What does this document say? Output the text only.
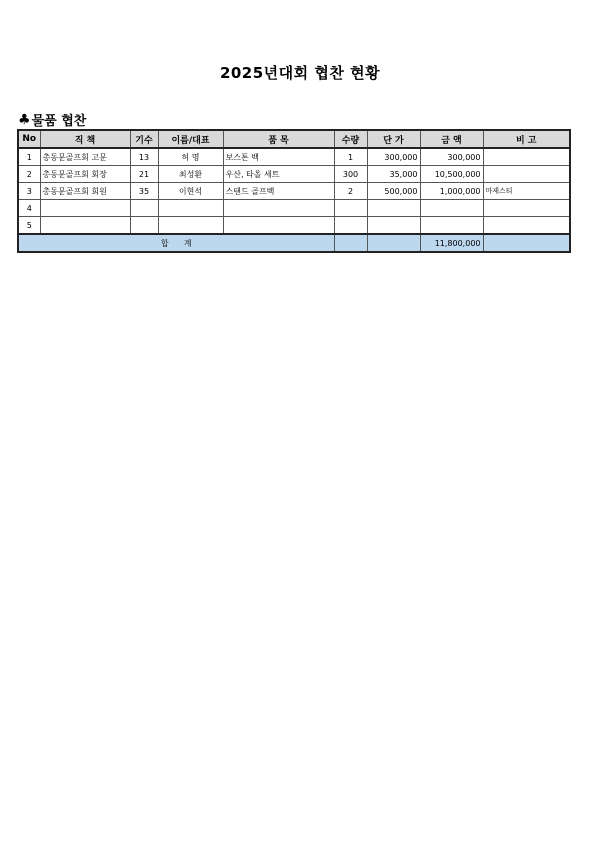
2025년대회 협찬 현황
♣ 물품 협찬
No	직 책	기수	이름/대표	품 목	수량	단 가	금 액	비 고
1	총동문골프회 고문	13	허 명	보스톤 백	1	300,000	300,000	
2	총동문골프회 회장	21	최성환	우산, 타올 세트	300	35,000	10,500,000	
3	총동문골프회 회원	35	이현석	스탠드 골프백	2	500,000	1,000,000	마제스티
4								
5								
합      계							11,800,000	
